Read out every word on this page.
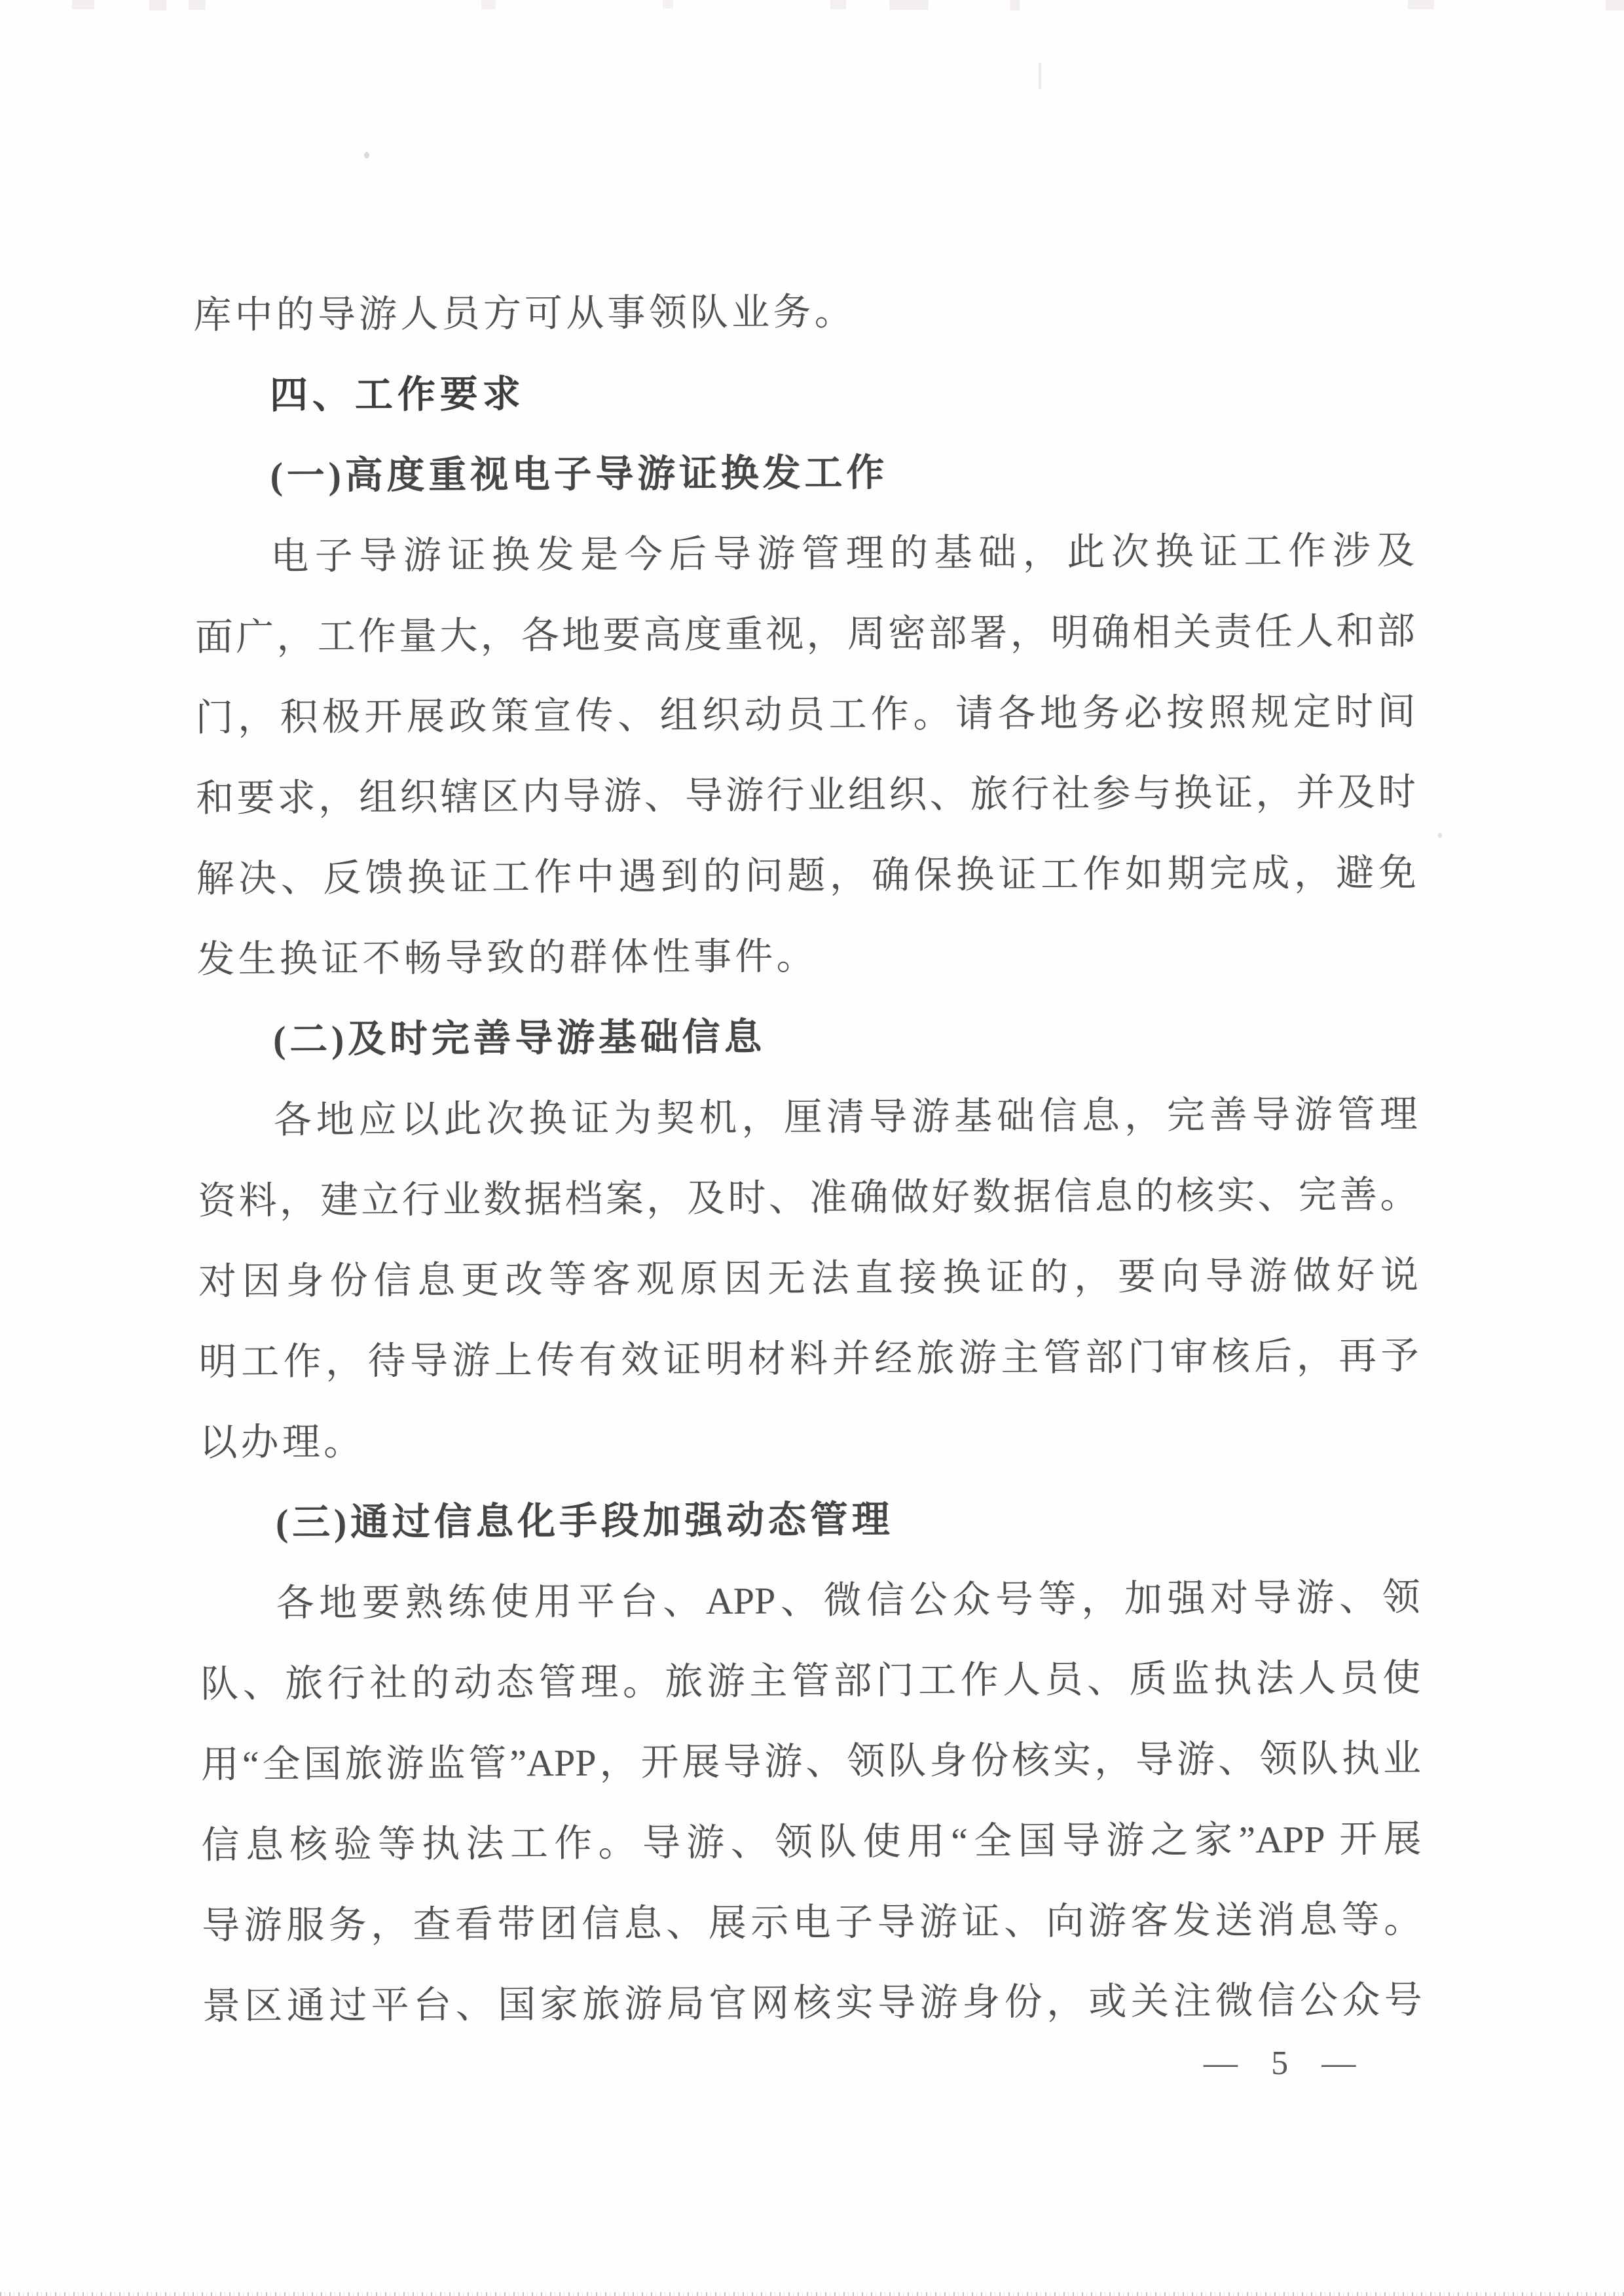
库中的导游人员方可从事领队业务。
四、工作要求
(一)高度重视电子导游证换发工作
电子导游证换发是今后导游管理的基础，此次换证工作涉及
面广，工作量大，各地要高度重视，周密部署，明确相关责任人和部
门，积极开展政策宣传、组织动员工作。请各地务必按照规定时间
和要求，组织辖区内导游、导游行业组织、旅行社参与换证，并及时
解决、反馈换证工作中遇到的问题，确保换证工作如期完成，避免
发生换证不畅导致的群体性事件。
(二)及时完善导游基础信息
各地应以此次换证为契机，厘清导游基础信息，完善导游管理
资料，建立行业数据档案，及时、准确做好数据信息的核实、完善。
对因身份信息更改等客观原因无法直接换证的，要向导游做好说
明工作，待导游上传有效证明材料并经旅游主管部门审核后，再予
以办理。
(三)通过信息化手段加强动态管理
各地要熟练使用平台、APP、微信公众号等，加强对导游、领
队、旅行社的动态管理。旅游主管部门工作人员、质监执法人员使
用“全国旅游监管”APP，开展导游、领队身份核实，导游、领队执业
信息核验等执法工作。导游、领队使用“全国导游之家”APP 开展
导游服务，查看带团信息、展示电子导游证、向游客发送消息等。
景区通过平台、国家旅游局官网核实导游身份，或关注微信公众号
— 5 —
